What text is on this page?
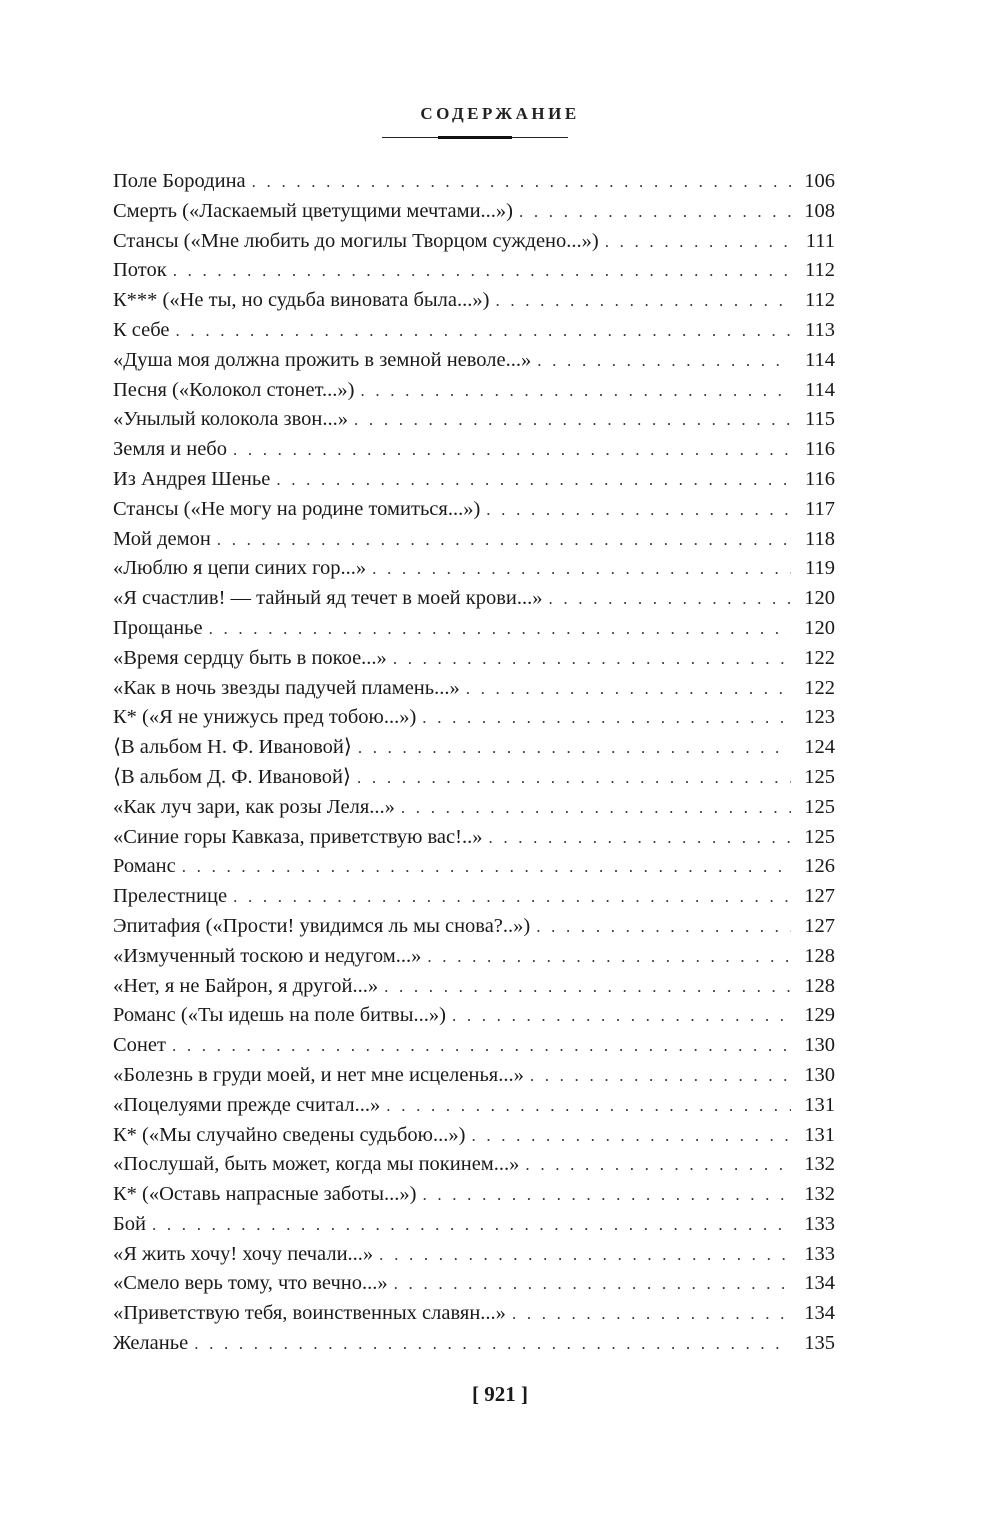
СОДЕРЖАНИЕ
Поле Бородина . . .	106
Смерть («Ласкаемый цветущими мечтами...») . . .	108
Стансы («Мне любить до могилы Творцом суждено...») . . .	111
Поток . . .	112
К*** («Не ты, но судьба виновата была...») . . .	112
К себе . . .	113
«Душа моя должна прожить в земной неволе...» . . .	114
Песня («Колокол стонет...») . . .	114
«Унылый колокола звон...» . . .	115
Земля и небо . . .	116
Из Андрея Шенье . . .	116
Стансы («Не могу на родине томиться...») . . .	117
Мой демон . . .	118
«Люблю я цепи синих гор...» . . .	119
«Я счастлив! — тайный яд течет в моей крови...» . . .	120
Прощанье . . .	120
«Время сердцу быть в покое...» . . .	122
«Как в ночь звезды падучей пламень...» . . .	122
К* («Я не унижусь пред тобою...») . . .	123
⟨В альбом Н. Ф. Ивановой⟩ . . .	124
⟨В альбом Д. Ф. Ивановой⟩ . . .	125
«Как луч зари, как розы Леля...» . . .	125
«Синие горы Кавказа, приветствую вас!..» . . .	125
Романс . . .	126
Прелестнице . . .	127
Эпитафия («Прости! увидимся ль мы снова?..») . . .	127
«Измученный тоскою и недугом...» . . .	128
«Нет, я не Байрон, я другой...» . . .	128
Романс («Ты идешь на поле битвы...») . . .	129
Сонет . . .	130
«Болезнь в груди моей, и нет мне исцеленья...» . . .	130
«Поцелуями прежде считал...» . . .	131
К* («Мы случайно сведены судьбою...») . . .	131
«Послушай, быть может, когда мы покинем...» . . .	132
К* («Оставь напрасные заботы...») . . .	132
Бой . . .	133
«Я жить хочу! хочу печали...» . . .	133
«Смело верь тому, что вечно...» . . .	134
«Приветствую тебя, воинственных славян...» . . .	134
Желанье . . .	135
[ 921 ]
